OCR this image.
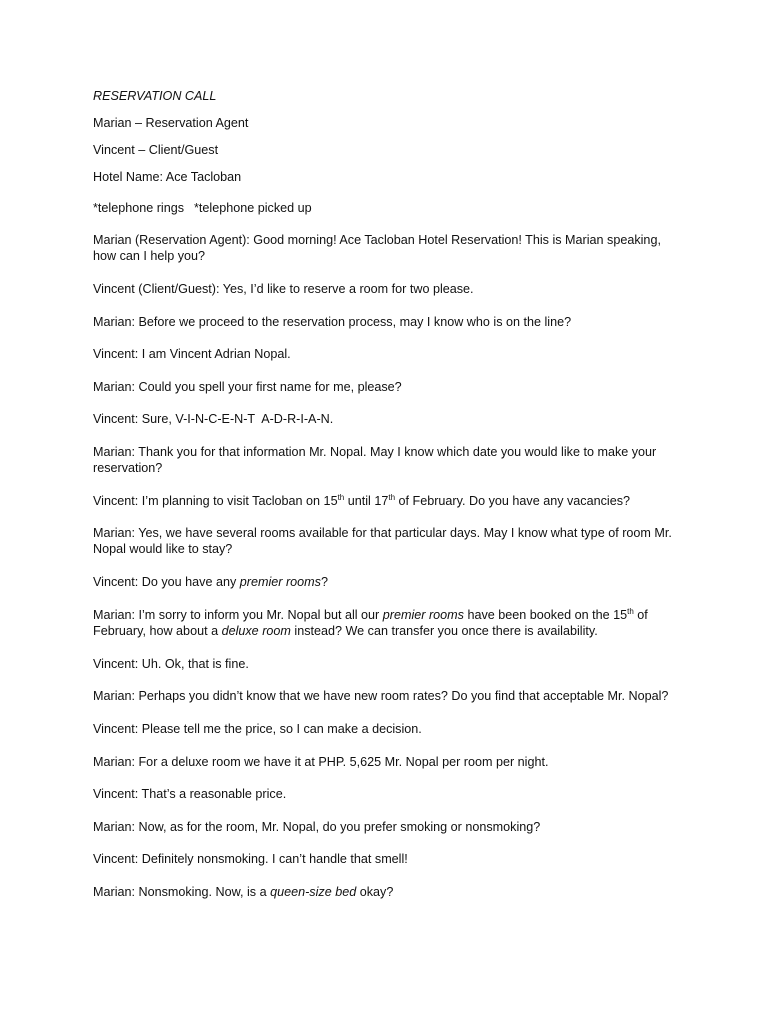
RESERVATION CALL

Marian – Reservation Agent

Vincent – Client/Guest

Hotel Name: Ace Tacloban

*telephone rings *telephone picked up

Marian (Reservation Agent): Good morning! Ace Tacloban Hotel Reservation! This is Marian speaking, how can I help you?

Vincent (Client/Guest): Yes, I’d like to reserve a room for two please.

Marian: Before we proceed to the reservation process, may I know who is on the line?

Vincent: I am Vincent Adrian Nopal.

Marian: Could you spell your first name for me, please?

Vincent: Sure, V-I-N-C-E-N-T  A-D-R-I-A-N.

Marian: Thank you for that information Mr. Nopal. May I know which date you would like to make your reservation?

Vincent: I’m planning to visit Tacloban on 15th until 17th of February. Do you have any vacancies?

Marian: Yes, we have several rooms available for that particular days. May I know what type of room Mr. Nopal would like to stay?

Vincent: Do you have any premier rooms?

Marian: I’m sorry to inform you Mr. Nopal but all our premier rooms have been booked on the 15th of February, how about a deluxe room instead? We can transfer you once there is availability.

Vincent: Uh. Ok, that is fine.

Marian: Perhaps you didn’t know that we have new room rates? Do you find that acceptable Mr. Nopal?

Vincent: Please tell me the price, so I can make a decision.

Marian: For a deluxe room we have it at PHP. 5,625 Mr. Nopal per room per night.

Vincent: That’s a reasonable price.

Marian: Now, as for the room, Mr. Nopal, do you prefer smoking or nonsmoking?

Vincent: Definitely nonsmoking. I can’t handle that smell!

Marian: Nonsmoking. Now, is a queen-size bed okay?
